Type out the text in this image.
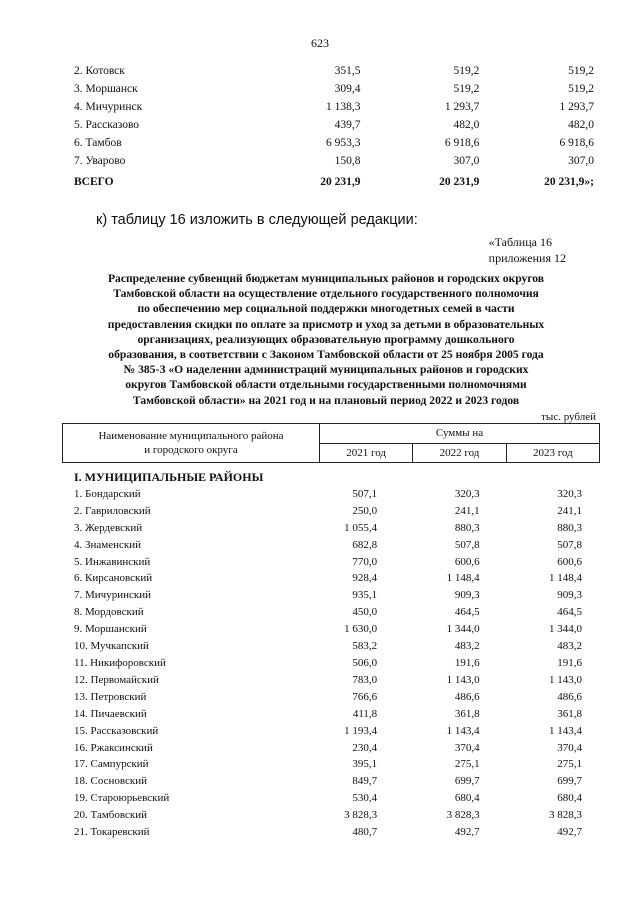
623
2. Котовск	351,5	519,2	519,2
3. Моршанск	309,4	519,2	519,2
4. Мичуринск	1 138,3	1 293,7	1 293,7
5. Рассказово	439,7	482,0	482,0
6. Тамбов	6 953,3	6 918,6	6 918,6
7. Уварово	150,8	307,0	307,0
ВСЕГО	20 231,9	20 231,9	20 231,9»;
к) таблицу 16 изложить в следующей редакции:
«Таблица 16
приложения 12
Распределение субвенций бюджетам муниципальных районов и городских округов
Тамбовской области на осуществление отдельного государственного полномочия
по обеспечению мер социальной поддержки многодетных семей в части
предоставления скидки по оплате за присмотр и уход за детьми в образовательных
организациях, реализующих образовательную программу дошкольного
образования, в соответствии с Законом Тамбовской области от 25 ноября 2005 года
№ 385-З «О наделении администраций муниципальных районов и городских
округов Тамбовской области отдельными государственными полномочиями
Тамбовской области» на 2021 год и на плановый период 2022 и 2023 годов
тыс. рублей
Наименование муниципального района
и городского округа	Суммы на		
	2021 год	2022 год	2023 год
I. МУНИЦИПАЛЬНЫЕ РАЙОНЫ			
1. Бондарский	507,1	320,3	320,3
2. Гавриловский	250,0	241,1	241,1
3. Жердевский	1 055,4	880,3	880,3
4. Знаменский	682,8	507,8	507,8
5. Инжавинский	770,0	600,6	600,6
6. Кирсановский	928,4	1 148,4	1 148,4
7. Мичуринский	935,1	909,3	909,3
8. Мордовский	450,0	464,5	464,5
9. Моршанский	1 630,0	1 344,0	1 344,0
10. Мучкапский	583,2	483,2	483,2
11. Никифоровский	506,0	191,6	191,6
12. Первомайский	783,0	1 143,0	1 143,0
13. Петровский	766,6	486,6	486,6
14. Пичаевский	411,8	361,8	361,8
15. Рассказовский	1 193,4	1 143,4	1 143,4
16. Ржаксинский	230,4	370,4	370,4
17. Сампурский	395,1	275,1	275,1
18. Сосновский	849,7	699,7	699,7
19. Староюрьевский	530,4	680,4	680,4
20. Тамбовский	3 828,3	3 828,3	3 828,3
21. Токаревский	480,7	492,7	492,7
